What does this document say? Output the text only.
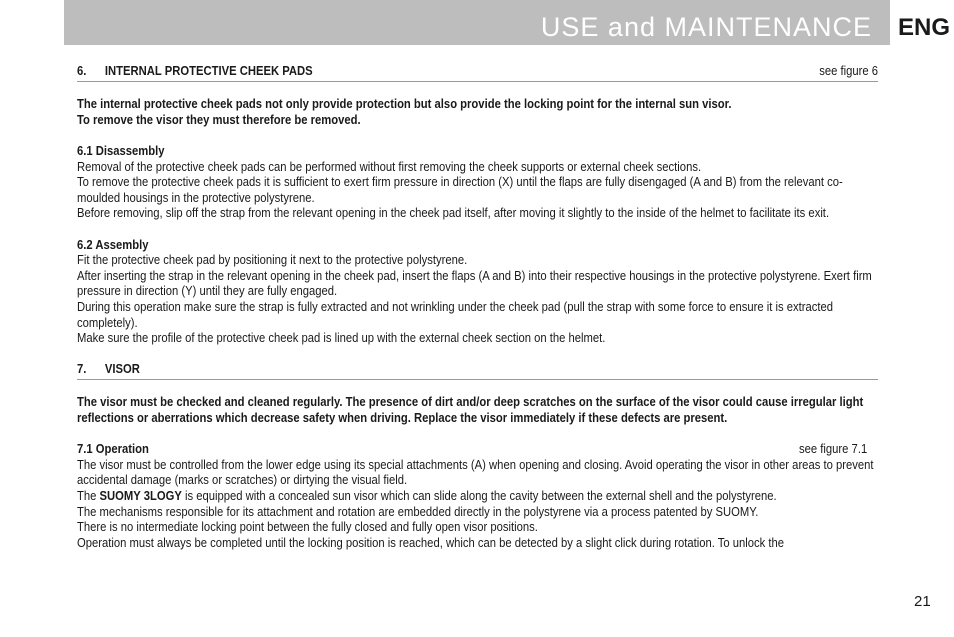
USE and MAINTENANCE ENG
6. INTERNAL PROTECTIVE CHEEK PADS	see figure 6

The internal protective cheek pads not only provide protection but also provide the locking point for the internal sun visor.

To remove the visor they must therefore be removed.

6.1 Disassembly

Removal of the protective cheek pads can be performed without first removing the cheek supports or external cheek sections.

To remove the protective cheek pads it is sufficient to exert firm pressure in direction (X) until the flaps are fully disengaged (A and B) from the relevant co-moulded housings in the protective polystyrene.

Before removing, slip off the strap from the relevant opening in the cheek pad itself, after moving it slightly to the inside of the helmet to facilitate its exit.

6.2 Assembly

Fit the protective cheek pad by positioning it next to the protective polystyrene.

After inserting the strap in the relevant opening in the cheek pad, insert the flaps (A and B) into their respective housings in the protective polystyrene. Exert firm pressure in direction (Y) until they are fully engaged.

During this operation make sure the strap is fully extracted and not wrinkling under the cheek pad (pull the strap with some force to ensure it is extracted completely).

Make sure the profile of the protective cheek pad is lined up with the external cheek section on the helmet.

7. VISOR

The visor must be checked and cleaned regularly. The presence of dirt and/or deep scratches on the surface of the visor could cause irregular light reflections or aberrations which decrease safety when driving. Replace the visor immediately if these defects are present.

7.1 Operation	see figure 7.1

The visor must be controlled from the lower edge using its special attachments (A) when opening and closing. Avoid operating the visor in other areas to prevent accidental damage (marks or scratches) or dirtying the visual field.

The SUOMY 3LOGY is equipped with a concealed sun visor which can slide along the cavity between the external shell and the polystyrene.

The mechanisms responsible for its attachment and rotation are embedded directly in the polystyrene via a process patented by SUOMY.

There is no intermediate locking point between the fully closed and fully open visor positions.

Operation must always be completed until the locking position is reached, which can be detected by a slight click during rotation. To unlock the

21
